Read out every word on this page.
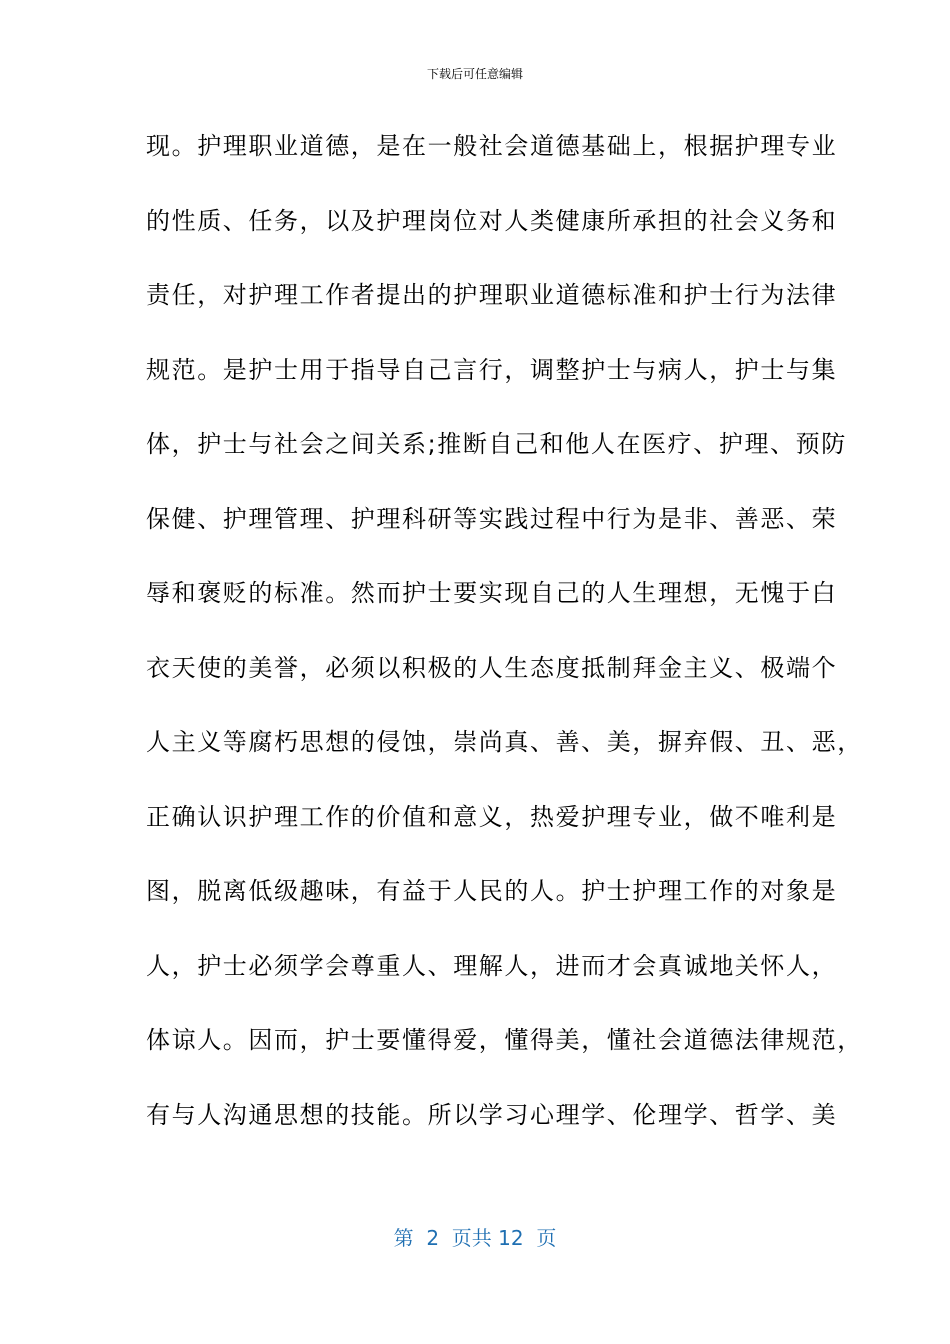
下载后可任意编辑
现。护理职业道德，是在一般社会道德基础上，根据护理专业
的性质、任务，以及护理岗位对人类健康所承担的社会义务和
责任，对护理工作者提出的护理职业道德标准和护士行为法律
规范。是护士用于指导自己言行，调整护士与病人，护士与集
体，护士与社会之间关系;推断自己和他人在医疗、护理、预防
保健、护理管理、护理科研等实践过程中行为是非、善恶、荣
辱和褒贬的标准。然而护士要实现自己的人生理想，无愧于白
衣天使的美誉，必须以积极的人生态度抵制拜金主义、极端个
人主义等腐朽思想的侵蚀，崇尚真、善、美，摒弃假、丑、恶，
正确认识护理工作的价值和意义，热爱护理专业，做不唯利是
图，脱离低级趣味，有益于人民的人。护士护理工作的对象是
人，护士必须学会尊重人、理解人，进而才会真诚地关怀人，
体谅人。因而，护士要懂得爱，懂得美，懂社会道德法律规范，
有与人沟通思想的技能。所以学习心理学、伦理学、哲学、美
第  2  页共 12  页
